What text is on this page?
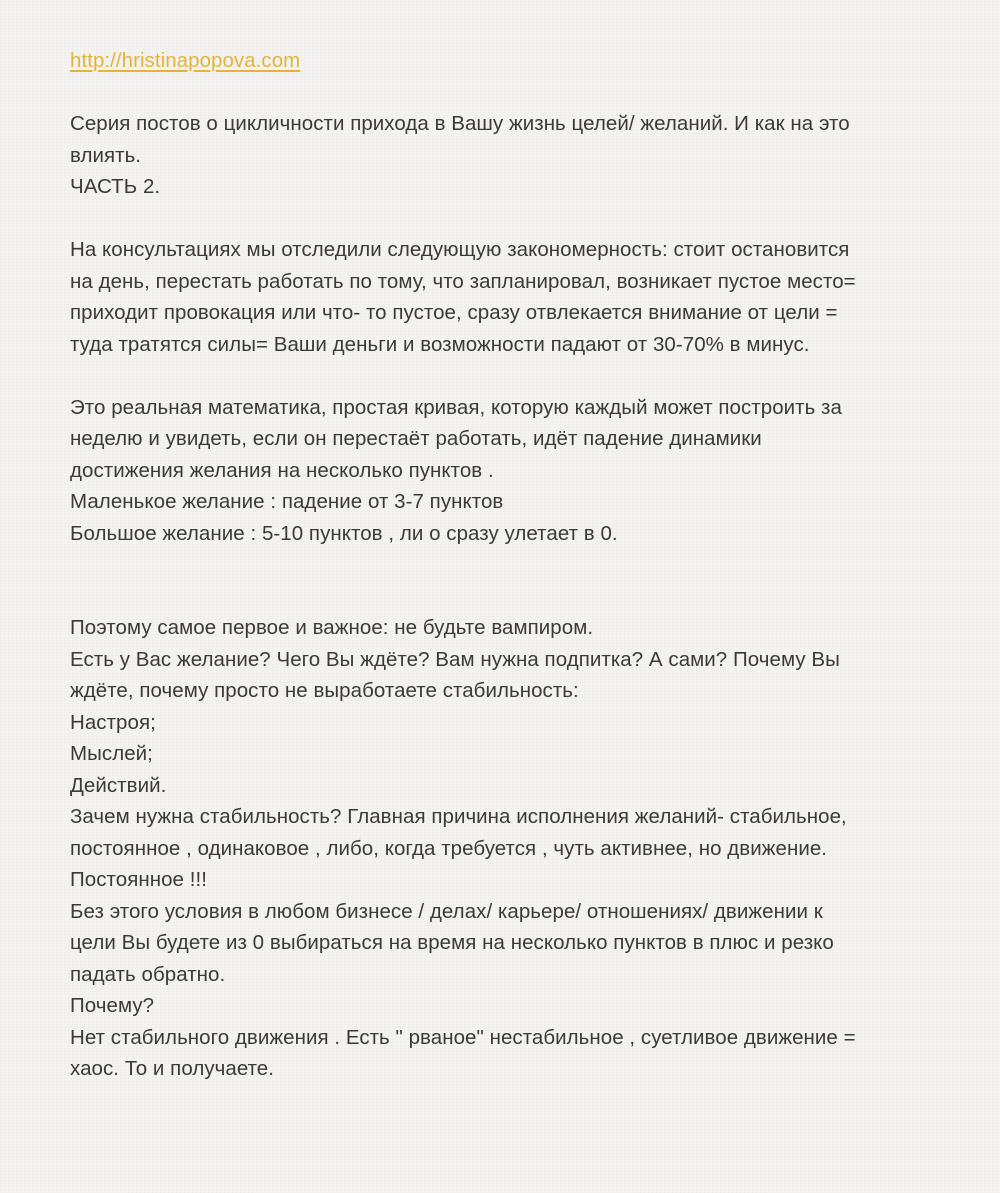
http://hristinapopova.com
Серия постов о цикличности прихода в Вашу жизнь целей/ желаний. И как на это
влиять.
ЧАСТЬ 2.
На консультациях мы отследили следующую закономерность: стоит остановится
на день, перестать работать по тому, что запланировал, возникает пустое место=
приходит провокация или что- то пустое, сразу отвлекается внимание от цели =
туда тратятся силы= Ваши деньги и возможности падают от 30-70% в минус.
Это реальная математика, простая кривая, которую каждый может построить за
неделю и увидеть, если он перестаёт работать, идёт падение динамики
достижения желания на несколько пунктов .
Маленькое желание : падение от 3-7 пунктов
Большое желание : 5-10 пунктов , ли о сразу улетает в 0.
Поэтому самое первое и важное: не будьте вампиром.
Есть у Вас желание? Чего Вы ждёте? Вам нужна подпитка? А сами? Почему Вы
ждёте, почему просто не выработаете стабильность:
Настроя;
Мыслей;
Действий.
Зачем нужна стабильность? Главная причина исполнения желаний- стабильное,
постоянное , одинаковое , либо, когда требуется , чуть активнее, но движение.
Постоянное !!!
Без этого условия в любом бизнесе / делах/ карьере/ отношениях/ движении к
цели Вы будете из 0 выбираться на время на несколько пунктов в плюс и резко
падать обратно.
Почему?
Нет стабильного движения . Есть " рваное" нестабильное , суетливое движение =
хаос. То и получаете.
